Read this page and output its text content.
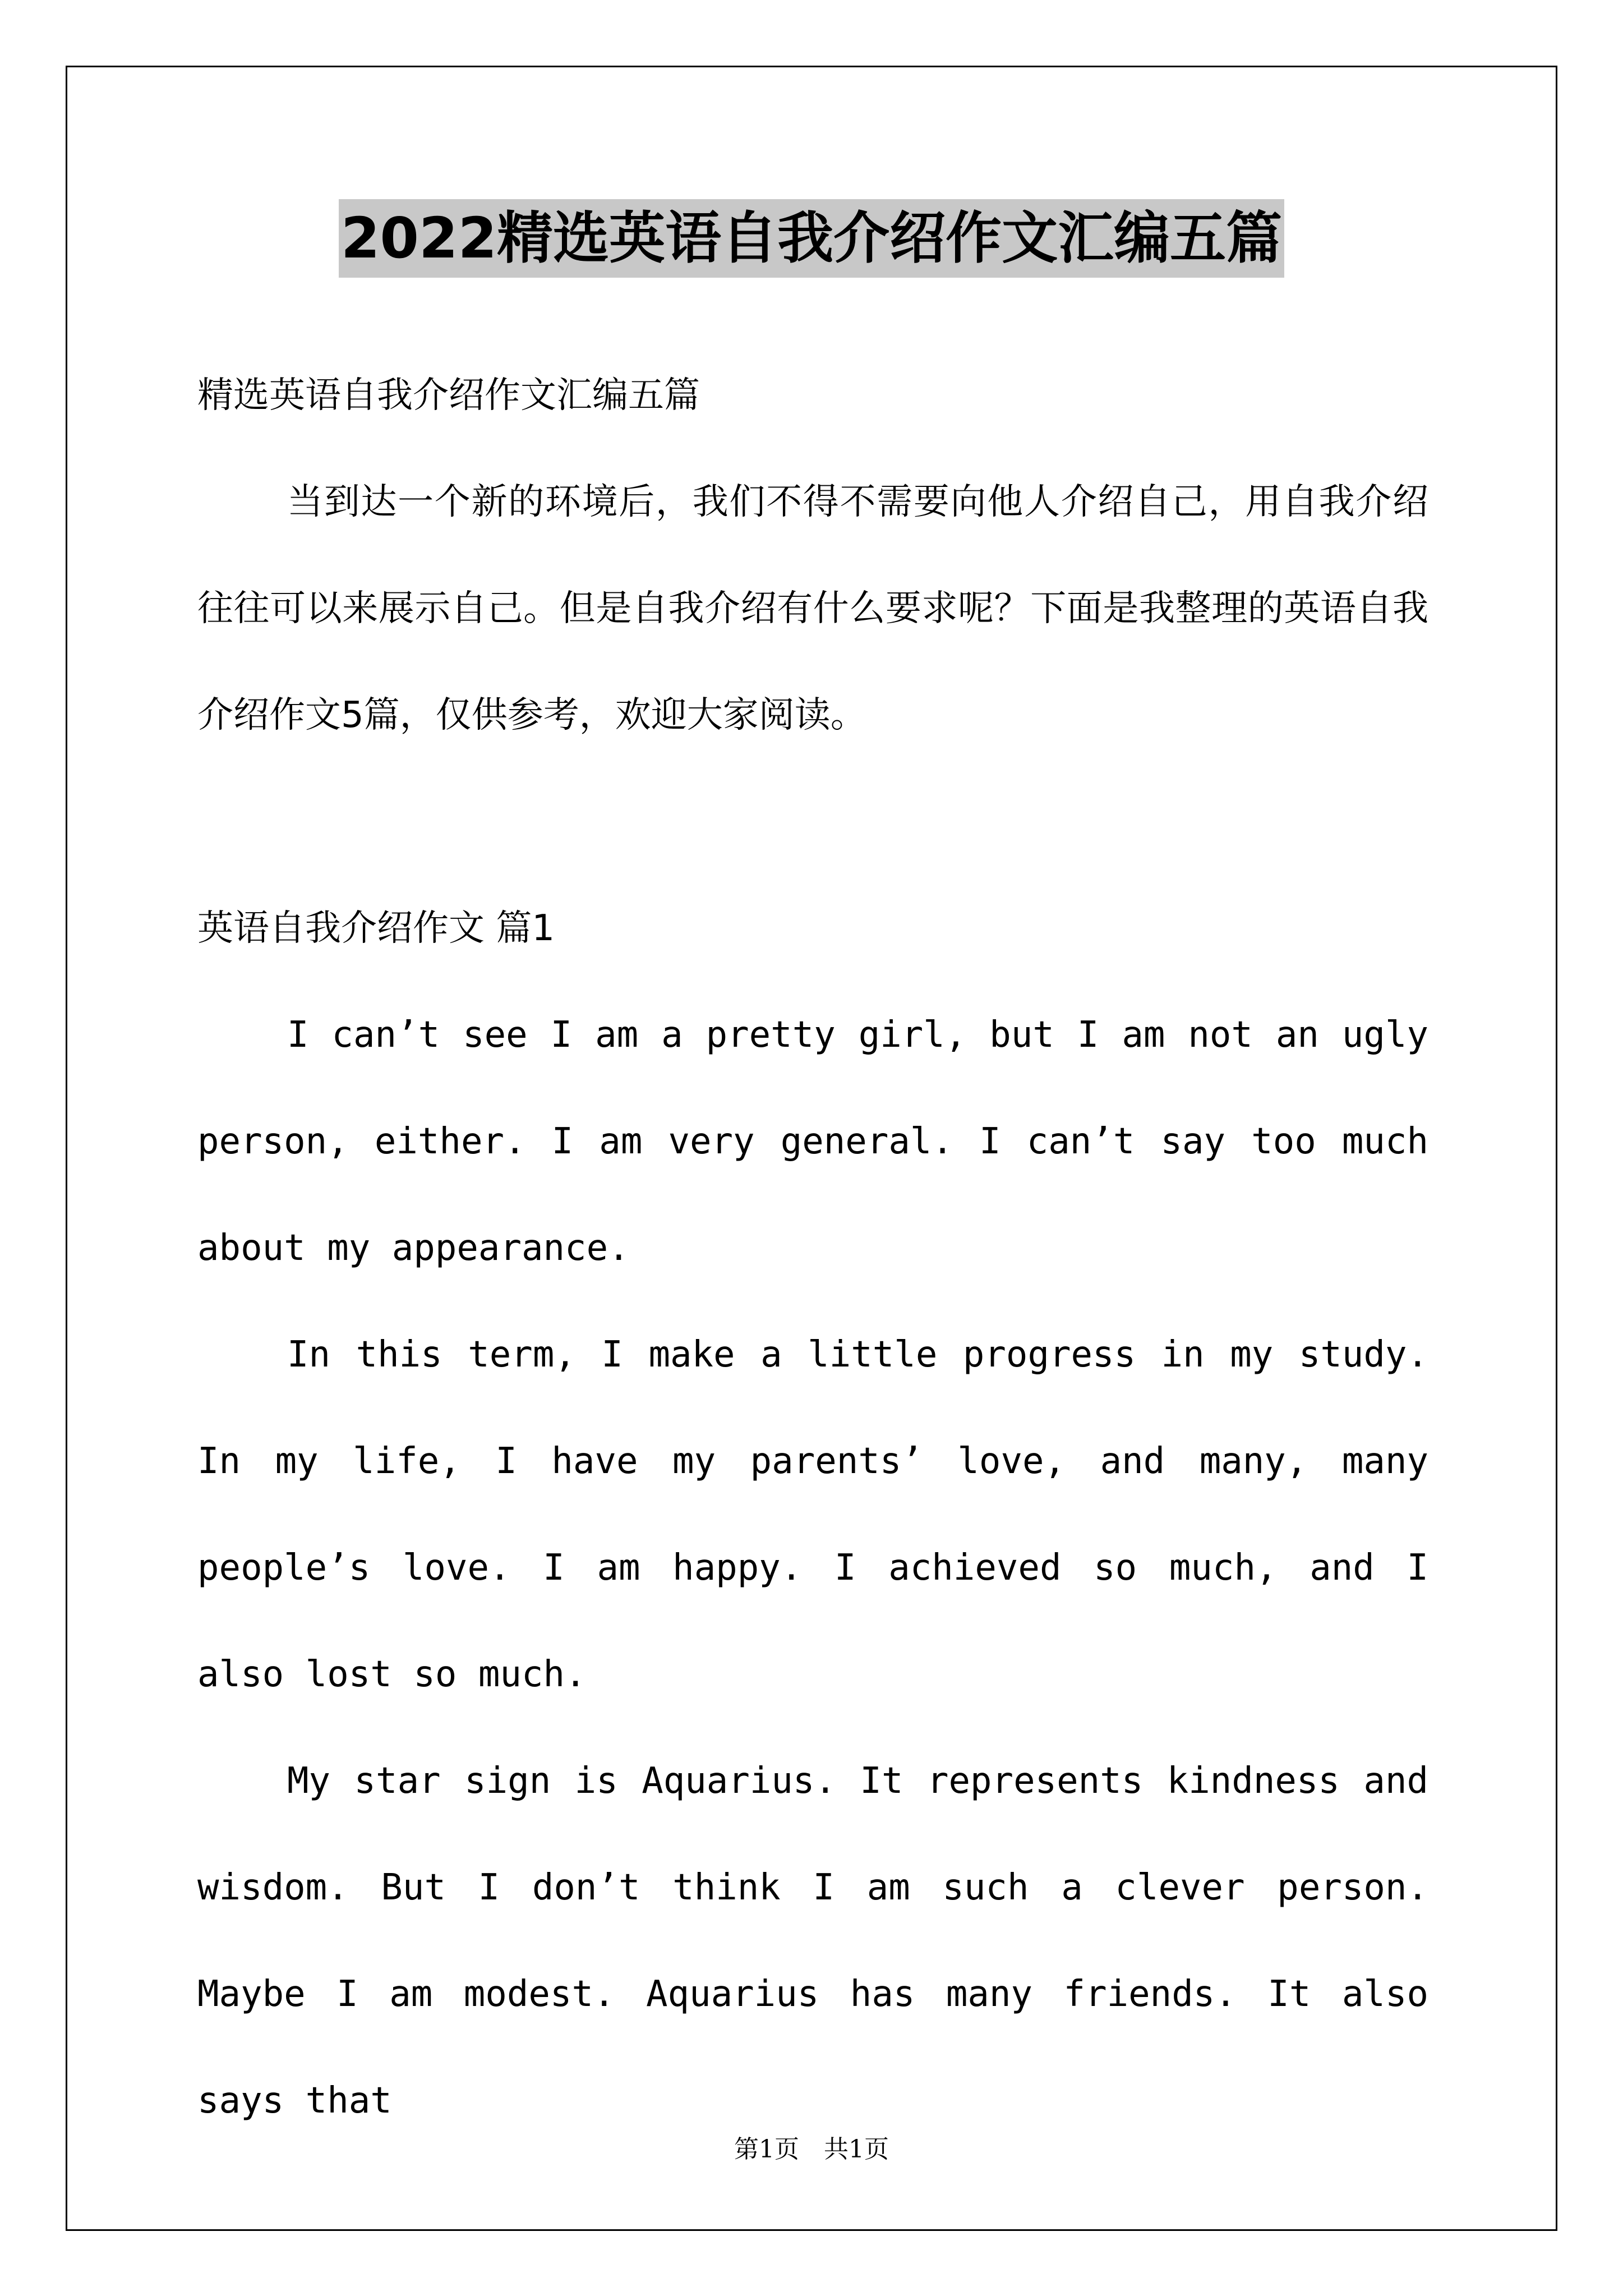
2022精选英语自我介绍作文汇编五篇

精选英语自我介绍作文汇编五篇

当到达一个新的环境后，我们不得不需要向他人介绍自己，用自我介绍往往可以来展示自己。但是自我介绍有什么要求呢？下面是我整理的英语自我介绍作文5篇，仅供参考，欢迎大家阅读。

英语自我介绍作文 篇1

I can’t see I am a pretty girl, but I am not an ugly person, either. I am very general. I can’t say too much about my appearance.

In this term, I make a little progress in my study. In my life, I have my parents’ love, and many, many people’s love. I am happy. I achieved so much, and I also lost so much.

My star sign is Aquarius. It represents kindness and wisdom. But I don’t think I am such a clever person. Maybe I am modest. Aquarius has many friends. It also says that

第1页　共1页
